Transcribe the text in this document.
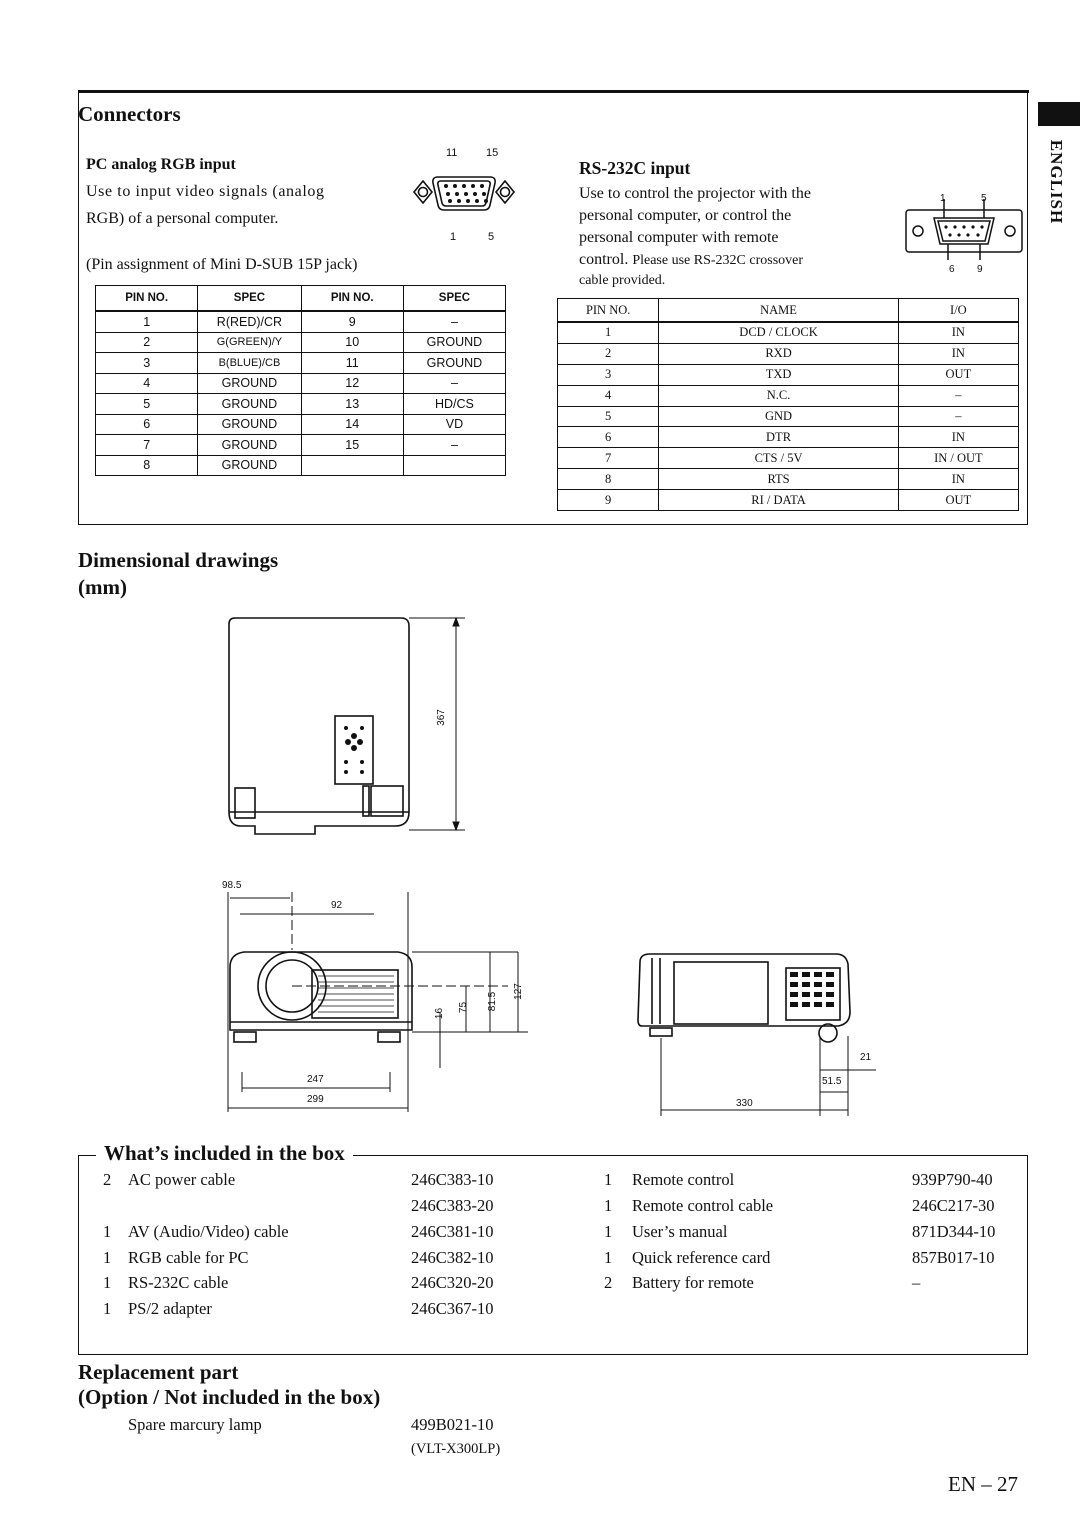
ENGLISH
Connectors
PC analog RGB input
Use to input video signals (analog
RGB) of a personal computer.
(Pin assignment of Mini D-SUB 15P jack)
11	15
1	5
PIN NO.	SPEC	PIN NO.	SPEC
1	R(RED)/CR	9	–
2	G(GREEN)/Y	10	GROUND
3	B(BLUE)/CB	11	GROUND
4	GROUND	12	–
5	GROUND	13	HD/CS
6	GROUND	14	VD
7	GROUND	15	–
8	GROUND		
RS-232C input
Use to control the projector with the
personal computer, or control the
personal computer with remote
control. Please use RS-232C crossover
cable provided.
1	5
6 9
PIN NO.	NAME	I/O
1	DCD / CLOCK	IN
2	RXD	IN
3	TXD	OUT
4	N.C.	–
5	GND	–
6	DTR	IN
7	CTS / 5V	IN / OUT
8	RTS	IN
9	RI / DATA	OUT
Dimensional drawings
(mm)
367
98.5
92
16
75 81.5
127
247
299
21
51.5
330
What’s included in the box
2 AC power cable	246C383-10
246C383-20
1 AV (Audio/Video) cable	246C381-10
1 RGB cable for PC	246C382-10
1 RS-232C cable	246C320-20
1 PS/2 adapter	246C367-10
1 Remote control	939P790-40
1 Remote control cable	246C217-30
1 User’s manual	871D344-10
1 Quick reference card	857B017-10
2 Battery for remote	–
Replacement part
(Option / Not included in the box)
Spare marcury lamp	499B021-10
(VLT-X300LP)
EN – 27
